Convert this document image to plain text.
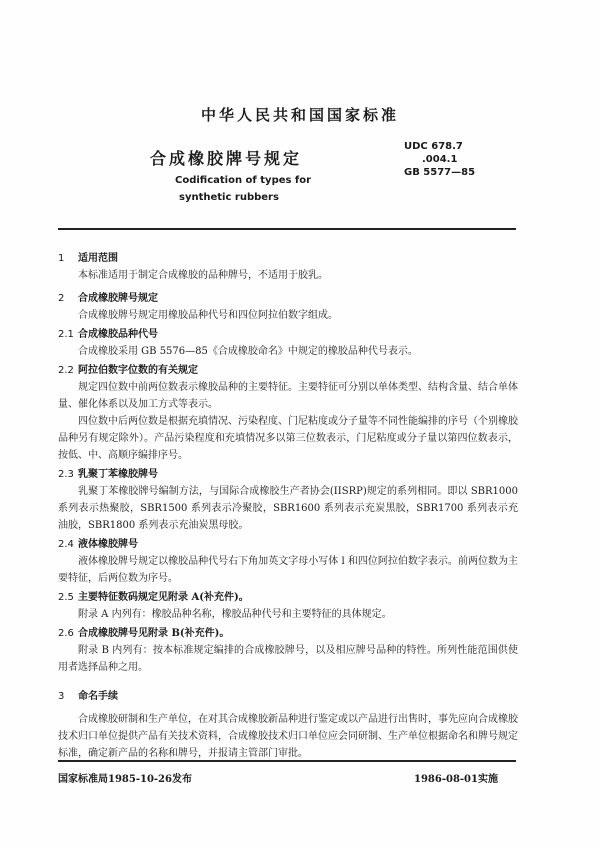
中华人民共和国国家标准
合成橡胶牌号规定
Codification of types for
synthetic rubbers
UDC 678.7
.004.1
GB 5577—85
1 适用范围
本标准适用于制定合成橡胶的品种牌号，不适用于胶乳。
2 合成橡胶牌号规定
合成橡胶牌号规定用橡胶品种代号和四位阿拉伯数字组成。
2.1 合成橡胶品种代号
合成橡胶采用 GB 5576—85《合成橡胶命名》中规定的橡胶品种代号表示。
2.2 阿拉伯数字位数的有关规定
规定四位数中前两位数表示橡胶品种的主要特征。主要特征可分别以单体类型、结构含量、结合单体量、催化体系以及加工方式等表示。
四位数中后两位数是根据充填情况、污染程度、门尼粘度或分子量等不同性能编排的序号（个别橡胶品种另有规定除外）。产品污染程度和充填情况多以第三位数表示，门尼粘度或分子量以第四位数表示，按低、中、高顺序编排序号。
2.3 乳聚丁苯橡胶牌号
乳聚丁苯橡胶牌号编制方法，与国际合成橡胶生产者协会(IISRP)规定的系列相同。即以 SBR1000 系列表示热聚胶，SBR1500 系列表示冷聚胶，SBR1600 系列表示充炭黑胶，SBR1700 系列表示充油胶，SBR1800 系列表示充油炭黑母胶。
2.4 液体橡胶牌号
液体橡胶牌号规定以橡胶品种代号右下角加英文字母小写体 l 和四位阿拉伯数字表示。前两位数为主要特征，后两位数为序号。
2.5 主要特征数码规定见附录 A(补充件)。
附录 A 内列有：橡胶品种名称，橡胶品种代号和主要特征的具体规定。
2.6 合成橡胶牌号见附录 B(补充件)。
附录 B 内列有：按本标准规定编排的合成橡胶牌号，以及相应牌号品种的特性。所列性能范围供使用者选择品种之用。
3 命名手续
合成橡胶研制和生产单位，在对其合成橡胶新品种进行鉴定或以产品进行出售时，事先应向合成橡胶技术归口单位提供产品有关技术资料，合成橡胶技术归口单位应会同研制、生产单位根据命名和牌号规定标准，确定新产品的名称和牌号，并报请主管部门审批。
国家标准局1985-10-26发布	1986-08-01实施
